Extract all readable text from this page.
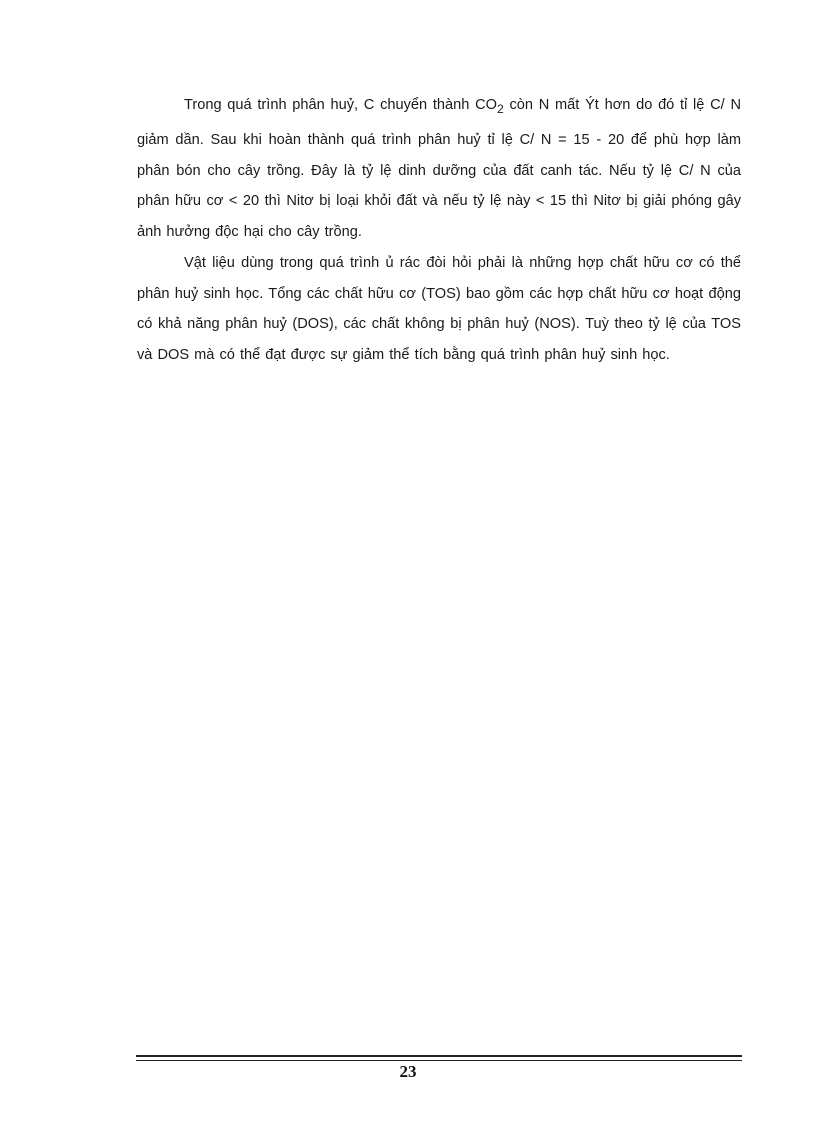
Trong quá trình phân huỷ, C chuyển thành $CO_2$ còn N mất Ýt hơn do đó tỉ lệ C/ N giảm dần. Sau khi hoàn thành quá trình phân huỷ tỉ lệ C/ N = 15 - 20 để phù hợp làm phân bón cho cây trồng. Đây là tỷ lệ dinh dưỡng của đất canh tác. Nếu tỷ lệ C/ N của phân hữu cơ < 20 thì Nitơ bị loại khỏi đất và nếu tỷ lệ này < 15 thì Nitơ bị giải phóng gây ảnh hưởng độc hại cho cây trồng.

Vật liệu dùng trong quá trình ủ rác đòi hỏi phải là những hợp chất hữu cơ có thể phân huỷ sinh học. Tổng các chất hữu cơ (TOS) bao gồm các hợp chất hữu cơ hoạt động có khả năng phân huỷ (DOS), các chất không bị phân huỷ (NOS). Tuỳ theo tỷ lệ của TOS và DOS mà có thể đạt được sự giảm thể tích bằng quá trình phân huỷ sinh học.

23
